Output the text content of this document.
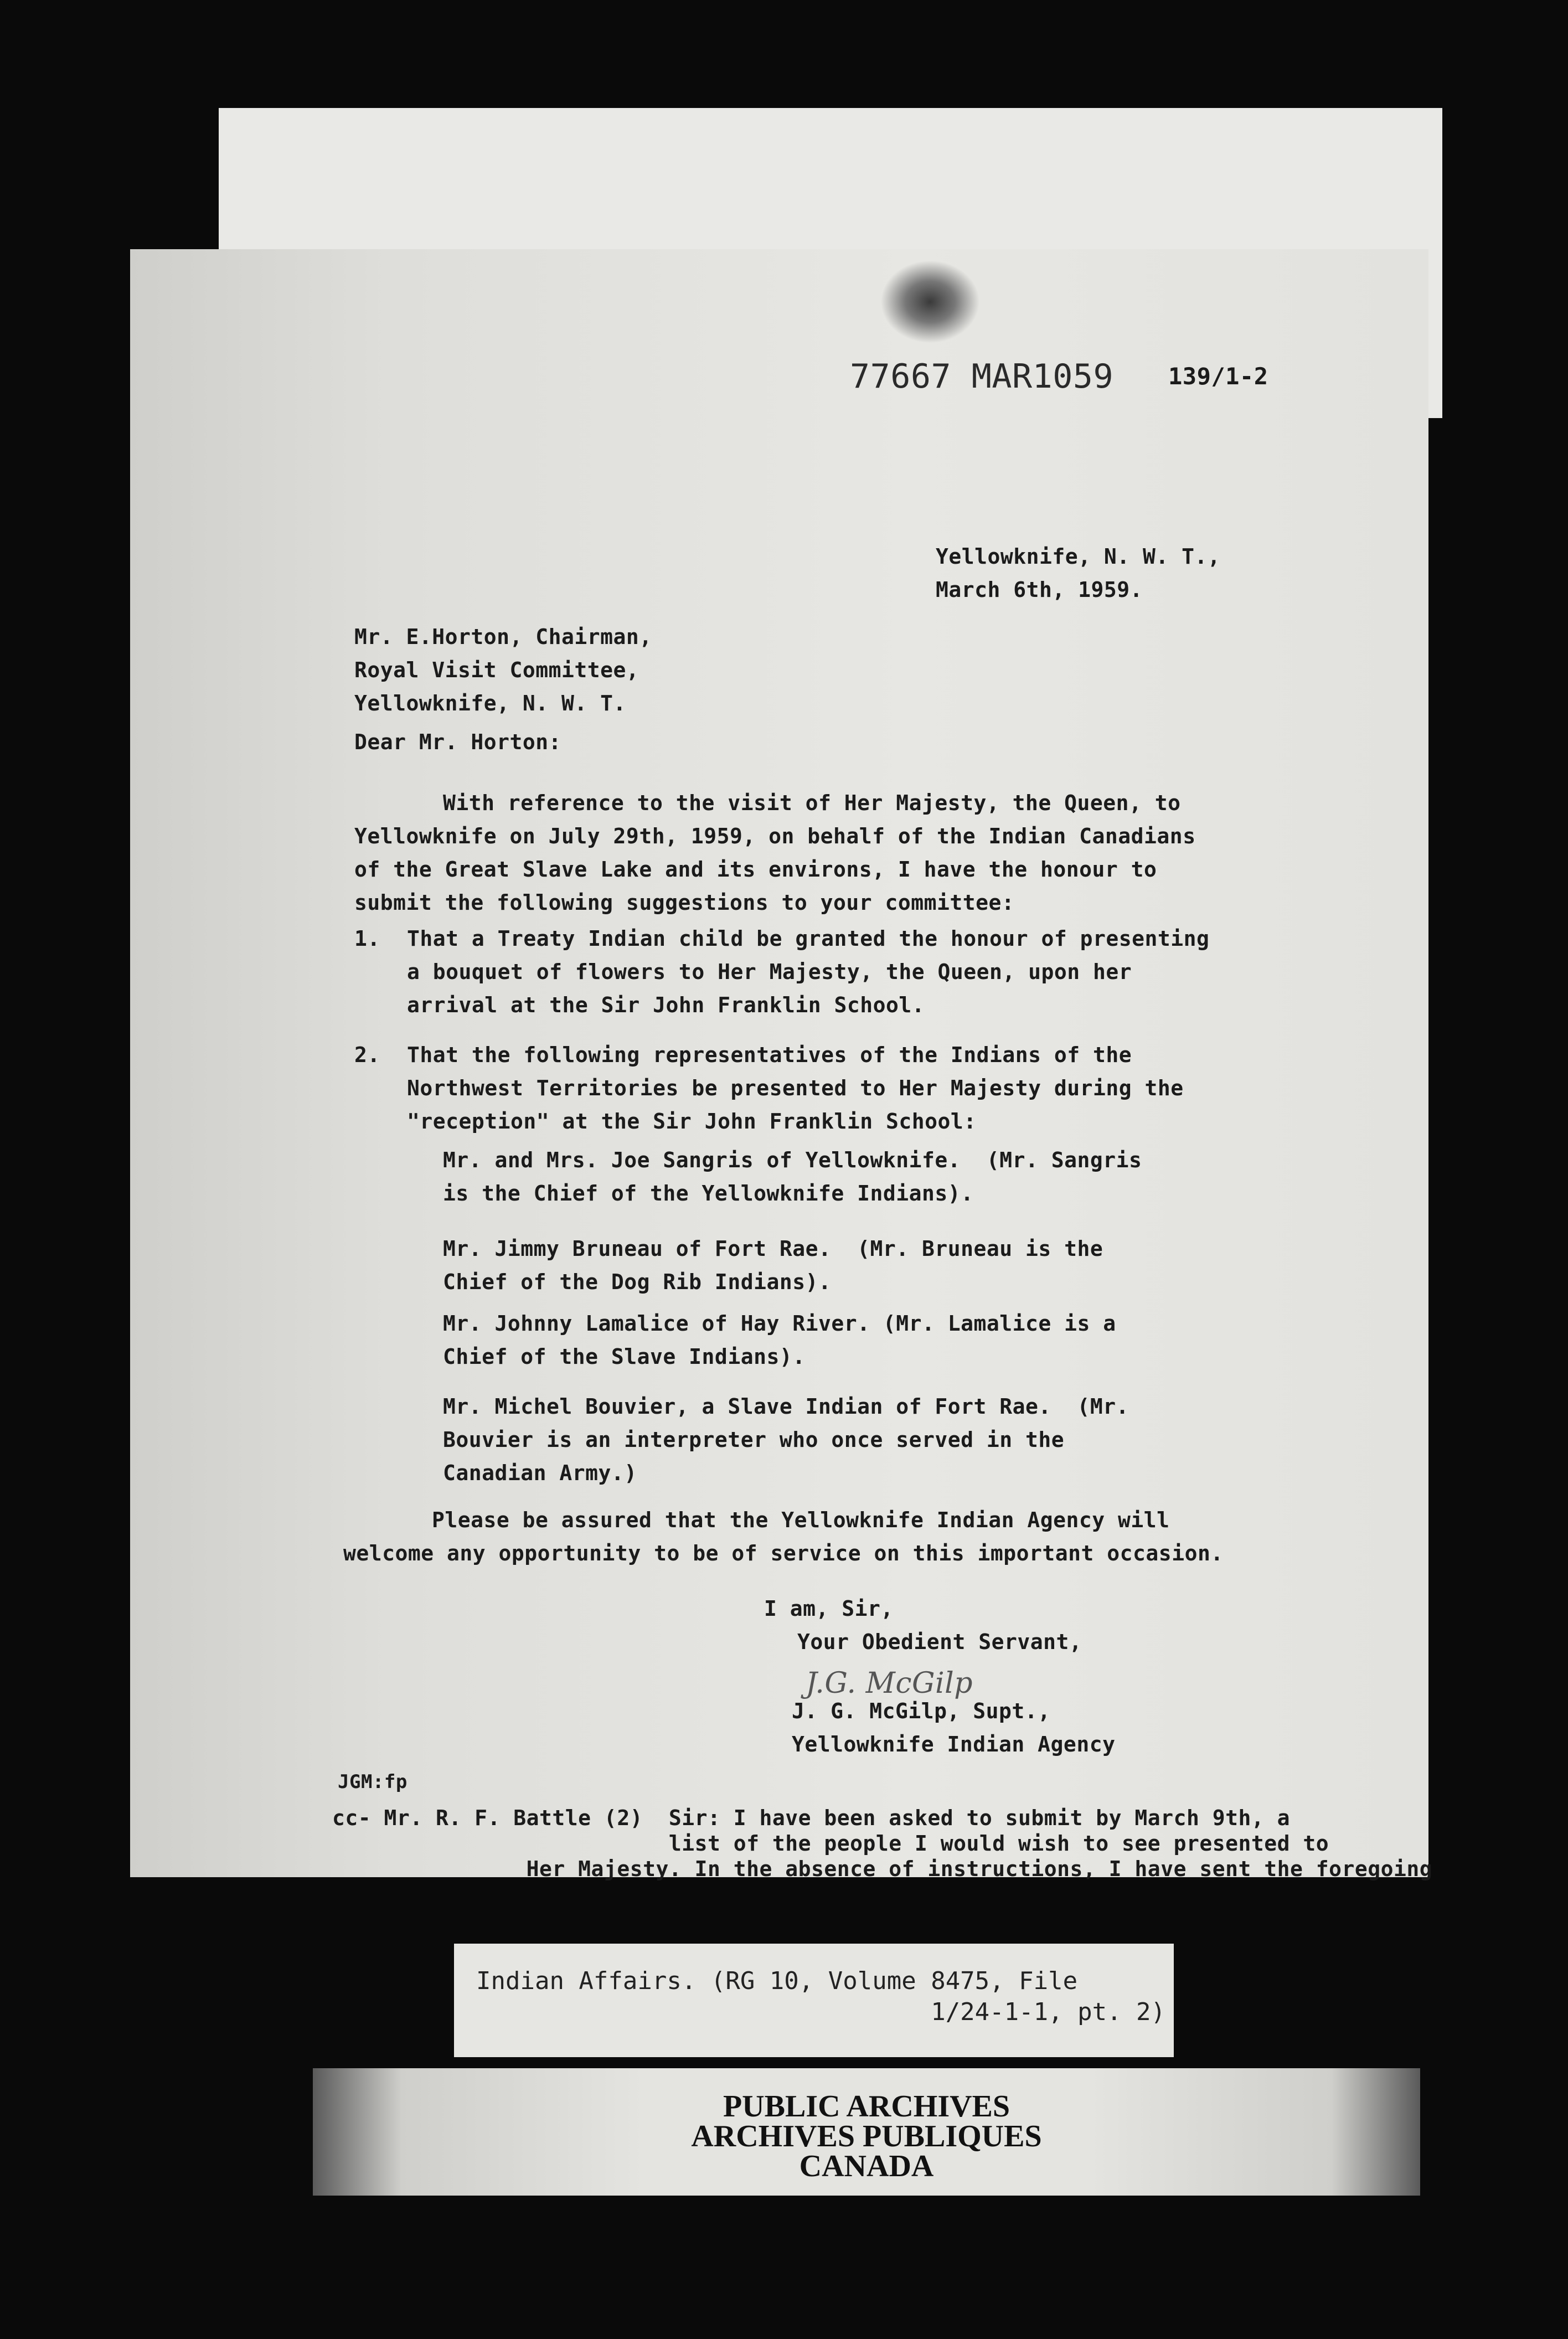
77667 MAR1059 139/1-2
Yellowknife, N. W. T.,
March 6th, 1959.
Mr. E.Horton, Chairman,
Royal Visit Committee,
Yellowknife, N. W. T.
Dear Mr. Horton:
With reference to the visit of Her Majesty, the Queen, to
Yellowknife on July 29th, 1959, on behalf of the Indian Canadians
of the Great Slave Lake and its environs, I have the honour to
submit the following suggestions to your committee:
1. That a Treaty Indian child be granted the honour of presenting
a bouquet of flowers to Her Majesty, the Queen, upon her
arrival at the Sir John Franklin School.
2. That the following representatives of the Indians of the
Northwest Territories be presented to Her Majesty during the
"reception" at the Sir John Franklin School:
Mr. and Mrs. Joe Sangris of Yellowknife.  (Mr. Sangris
is the Chief of the Yellowknife Indians).
Mr. Jimmy Bruneau of Fort Rae.  (Mr. Bruneau is the
Chief of the Dog Rib Indians).
Mr. Johnny Lamalice of Hay River. (Mr. Lamalice is a
Chief of the Slave Indians).
Mr. Michel Bouvier, a Slave Indian of Fort Rae.  (Mr.
Bouvier is an interpreter who once served in the
Canadian Army.)
Please be assured that the Yellowknife Indian Agency will
welcome any opportunity to be of service on this important occasion.
I am, Sir,
Your Obedient Servant,
J.G. McGilp
J. G. McGilp, Supt.,
Yellowknife Indian Agency
JGM:fp
cc- Mr. R. F. Battle (2)  Sir: I have been asked to submit by March 9th, a
list of the people I would wish to see presented to
Her Majesty. In the absence of instructions, I have sent the foregoing
Indian Affairs. (RG 10, Volume 8475, File
1/24-1-1, pt. 2)
PUBLIC ARCHIVES
ARCHIVES PUBLIQUES
CANADA
